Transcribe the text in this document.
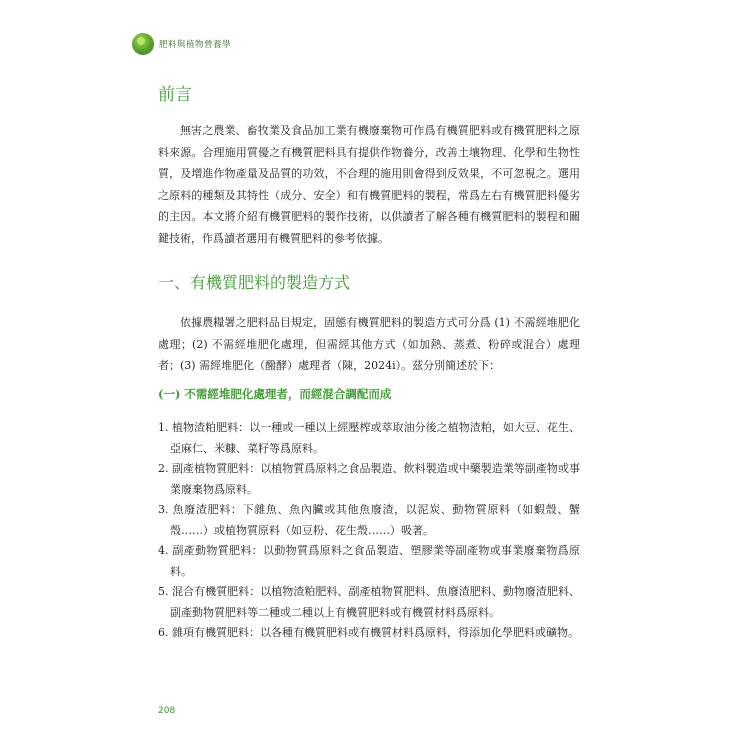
肥料與植物營養學
前言

無害之農業、畜牧業及食品加工業有機廢棄物可作爲有機質肥料或有機質肥料之原料來源。合理施用質優之有機質肥料具有提供作物養分，改善土壤物理、化學和生物性質，及增進作物產量及品質的功效，不合理的施用則會得到反效果，不可忽視之。選用之原料的種類及其特性（成分、安全）和有機質肥料的製程，常爲左右有機質肥料優劣的主因。本文將介紹有機質肥料的製作技術，以供讀者了解各種有機質肥料的製程和關鍵技術，作爲讀者選用有機質肥料的參考依據。

一、有機質肥料的製造方式

依據農糧署之肥料品目規定，固態有機質肥料的製造方式可分爲 (1) 不需經堆肥化處理；(2) 不需經堆肥化處理，但需經其他方式（如加熱、蒸煮、粉碎或混合）處理者；(3) 需經堆肥化（醱酵）處理者（陳，2024i）。茲分別簡述於下：

(一) 不需經堆肥化處理者，而經混合調配而成
1. 植物渣粕肥料：以一種或一種以上經壓榨或萃取油分後之植物渣粕，如大豆、花生、亞麻仁、米糠、菜籽等爲原料。
2. 副產植物質肥料：以植物質爲原料之食品製造、飲料製造或中藥製造業等副產物或事業廢棄物爲原料。
3. 魚廢渣肥料：下雜魚、魚內臟或其他魚廢渣，以泥炭、動物質原料（如蝦殼、蟹殼……）或植物質原料（如豆粉、花生殼……）吸著。
4. 副產動物質肥料：以動物質爲原料之食品製造、塑膠業等副產物或事業廢棄物爲原料。
5. 混合有機質肥料：以植物渣粕肥料、副產植物質肥料、魚廢渣肥料、動物廢渣肥料、副產動物質肥料等二種或二種以上有機質肥料或有機質材料爲原料。
6. 雜項有機質肥料：以各種有機質肥料或有機質材料爲原料，得添加化學肥料或礦物。
208
